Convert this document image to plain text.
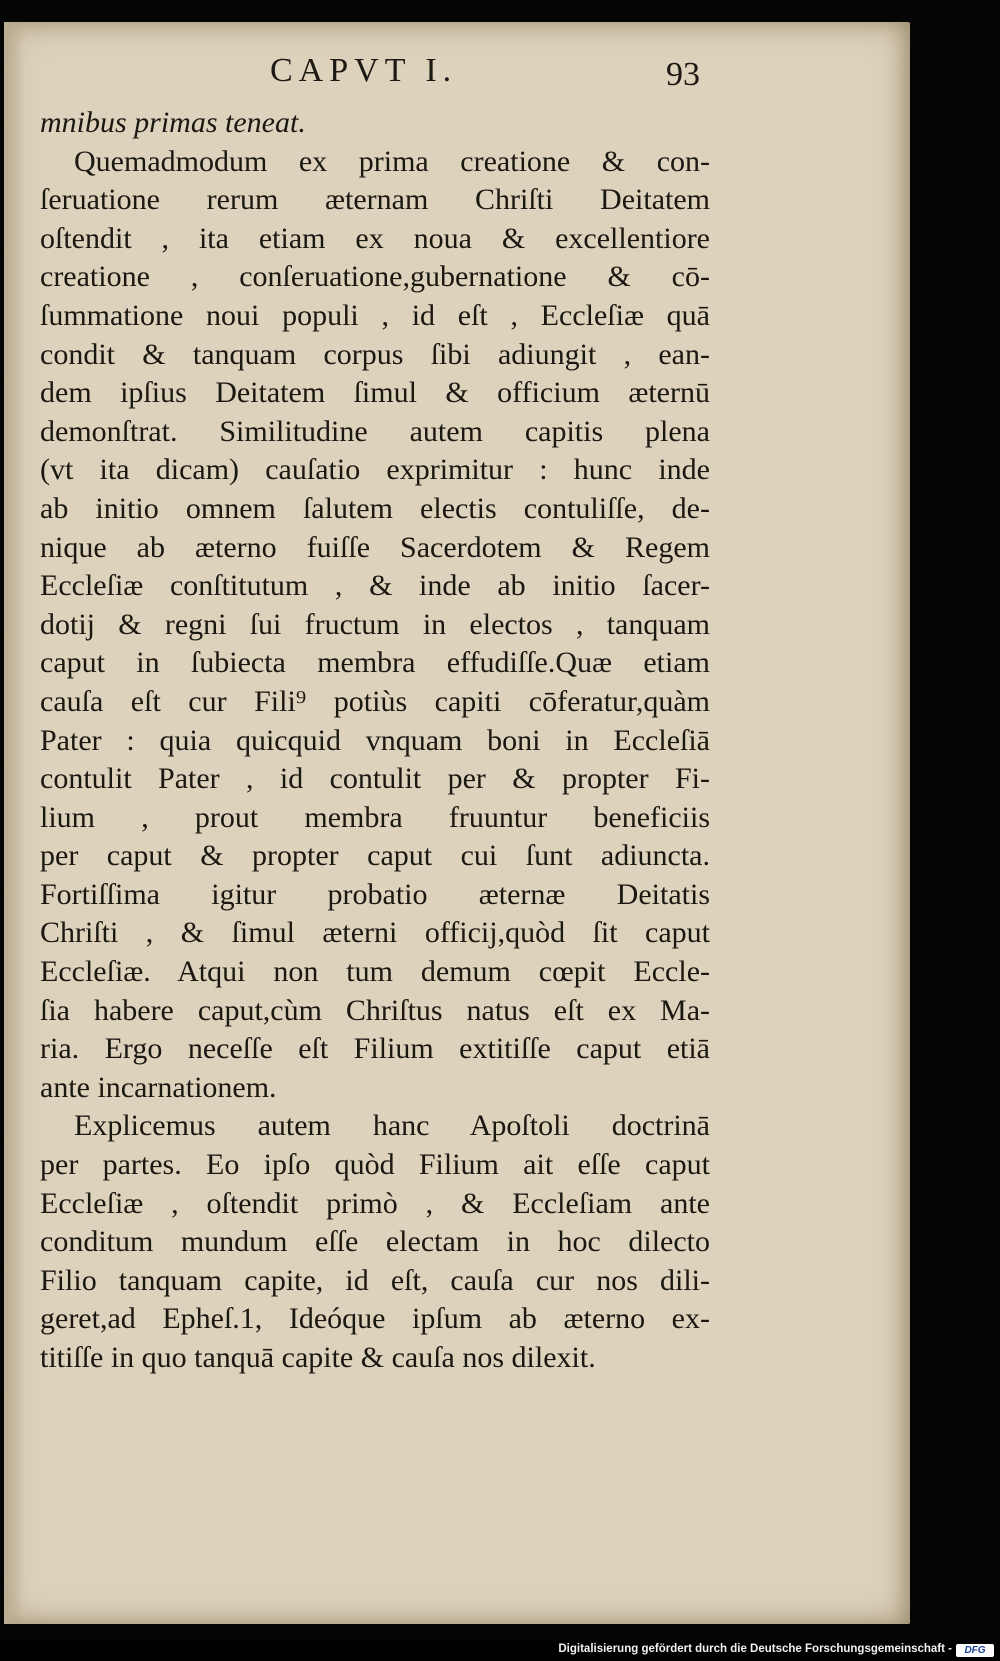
CAPVT I.	93
mnibus primas teneat.
Quemadmodum ex prima creatione & con-
ſeruatione rerum æternam Chriſti Deitatem
oſtendit , ita etiam ex noua & excellentiore
creatione , conſeruatione,gubernatione & cō-
ſummatione noui populi , id eſt , Eccleſiæ quā
condit & tanquam corpus ſibi adiungit , ean-
dem ipſius Deitatem ſimul & officium æternū
demonſtrat. Similitudine autem capitis plena
(vt ita dicam) cauſatio exprimitur : hunc inde
ab initio omnem ſalutem electis contuliſſe, de-
nique ab æterno fuiſſe Sacerdotem & Regem
Eccleſiæ conſtitutum , & inde ab initio ſacer-
dotij & regni ſui fructum in electos , tanquam
caput in ſubiecta membra effudiſſe.Quæ etiam
cauſa eſt cur Fili⁹ potiùs capiti cōferatur,quàm
Pater : quia quicquid vnquam boni in Eccleſiā
contulit Pater , id contulit per & propter Fi-
lium , prout membra fruuntur beneficiis
per caput & propter caput cui ſunt adiuncta.
Fortiſſima igitur probatio æternæ Deitatis
Chriſti , & ſimul æterni officij,quòd ſit caput
Eccleſiæ. Atqui non tum demum cœpit Eccle-
ſia habere caput,cùm Chriſtus natus eſt ex Ma-
ria. Ergo neceſſe eſt Filium extitiſſe caput etiā
ante incarnationem.
Explicemus autem hanc Apoſtoli doctrinā
per partes. Eo ipſo quòd Filium ait eſſe caput
Eccleſiæ , oſtendit primò , & Eccleſiam ante
conditum mundum eſſe electam in hoc dilecto
Filio tanquam capite, id eſt, cauſa cur nos dili-
geret,ad Epheſ.1, Ideóque ipſum ab æterno ex-
titiſſe in quo tanquā capite & cauſa nos dilexit.
Digitalisierung gefördert durch die Deutsche Forschungsgemeinschaft -	DFG
